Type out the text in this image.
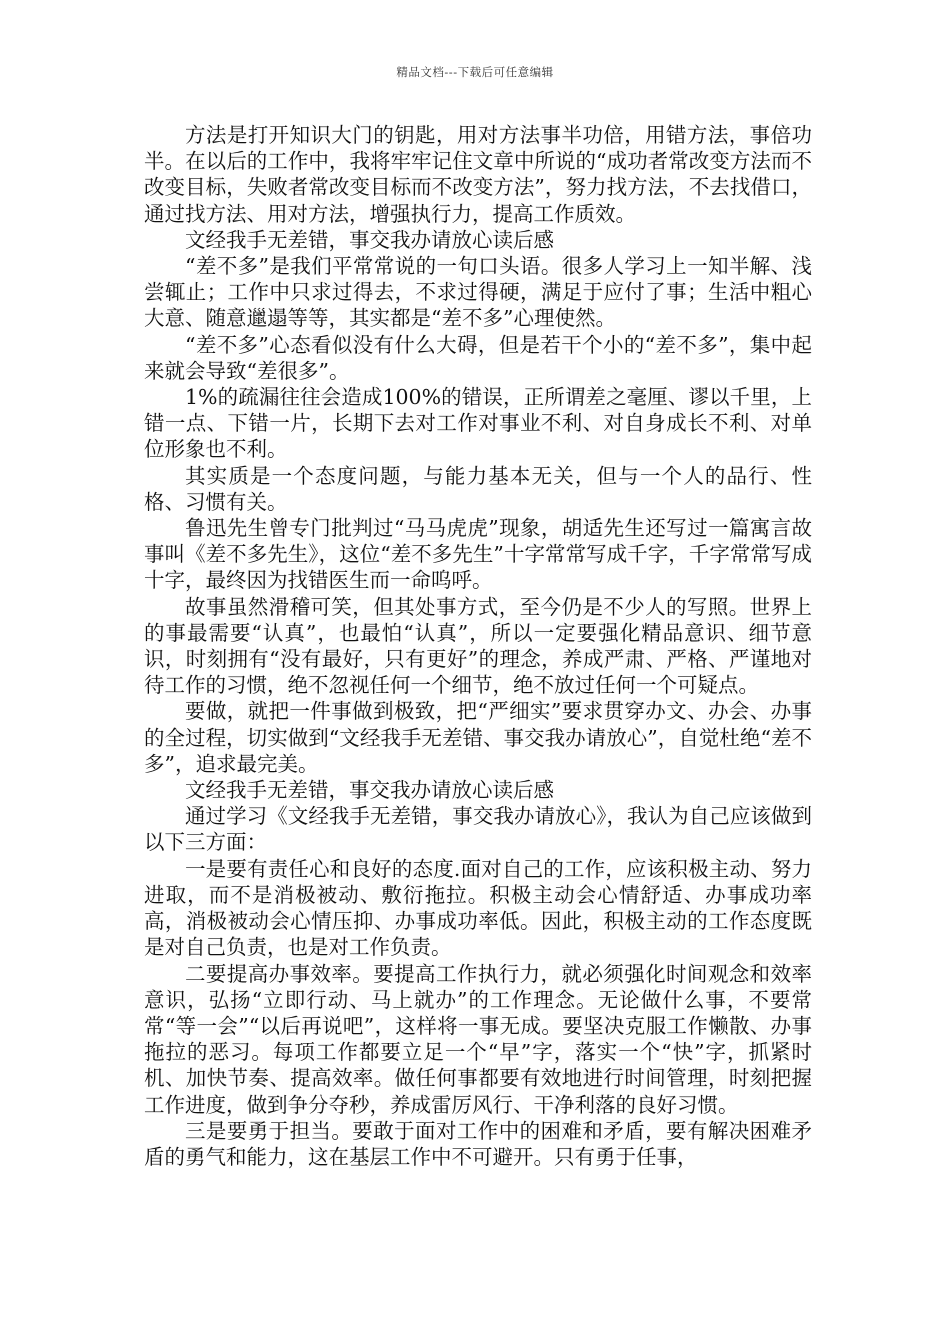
精品文档---下载后可任意编辑

方法是打开知识大门的钥匙，用对方法事半功倍，用错方法，事倍功半。在以后的工作中，我将牢牢记住文章中所说的“成功者常改变方法而不改变目标，失败者常改变目标而不改变方法”，努力找方法，不去找借口，通过找方法、用对方法，增强执行力，提高工作质效。

文经我手无差错，事交我办请放心读后感

“差不多”是我们平常常说的一句口头语。很多人学习上一知半解、浅尝辄止；工作中只求过得去，不求过得硬，满足于应付了事；生活中粗心大意、随意邋遢等等，其实都是“差不多”心理使然。

“差不多”心态看似没有什么大碍，但是若干个小的“差不多”，集中起来就会导致“差很多”。

1%的疏漏往往会造成100%的错误，正所谓差之毫厘、谬以千里，上错一点、下错一片，长期下去对工作对事业不利、对自身成长不利、对单位形象也不利。

其实质是一个态度问题，与能力基本无关，但与一个人的品行、性格、习惯有关。

鲁迅先生曾专门批判过“马马虎虎”现象，胡适先生还写过一篇寓言故事叫《差不多先生》，这位“差不多先生”十字常常写成千字，千字常常写成十字，最终因为找错医生而一命呜呼。

故事虽然滑稽可笑，但其处事方式，至今仍是不少人的写照。世界上的事最需要“认真”，也最怕“认真”，所以一定要强化精品意识、细节意识，时刻拥有“没有最好，只有更好”的理念，养成严肃、严格、严谨地对待工作的习惯，绝不忽视任何一个细节，绝不放过任何一个可疑点。

要做，就把一件事做到极致，把“严细实”要求贯穿办文、办会、办事的全过程，切实做到“文经我手无差错、事交我办请放心”，自觉杜绝“差不多”，追求最完美。

文经我手无差错，事交我办请放心读后感

通过学习《文经我手无差错，事交我办请放心》，我认为自己应该做到以下三方面：

一是要有责任心和良好的态度.面对自己的工作，应该积极主动、努力进取，而不是消极被动、敷衍拖拉。积极主动会心情舒适、办事成功率高，消极被动会心情压抑、办事成功率低。因此，积极主动的工作态度既是对自己负责，也是对工作负责。

二要提高办事效率。要提高工作执行力，就必须强化时间观念和效率意识，弘扬“立即行动、马上就办”的工作理念。无论做什么事，不要常常“等一会”“以后再说吧”，这样将一事无成。要坚决克服工作懒散、办事拖拉的恶习。每项工作都要立足一个“早”字，落实一个“快”字，抓紧时机、加快节奏、提高效率。做任何事都要有效地进行时间管理，时刻把握工作进度，做到争分夺秒，养成雷厉风行、干净利落的良好习惯。

三是要勇于担当。要敢于面对工作中的困难和矛盾，要有解决困难矛盾的勇气和能力，这在基层工作中不可避开。只有勇于任事，
